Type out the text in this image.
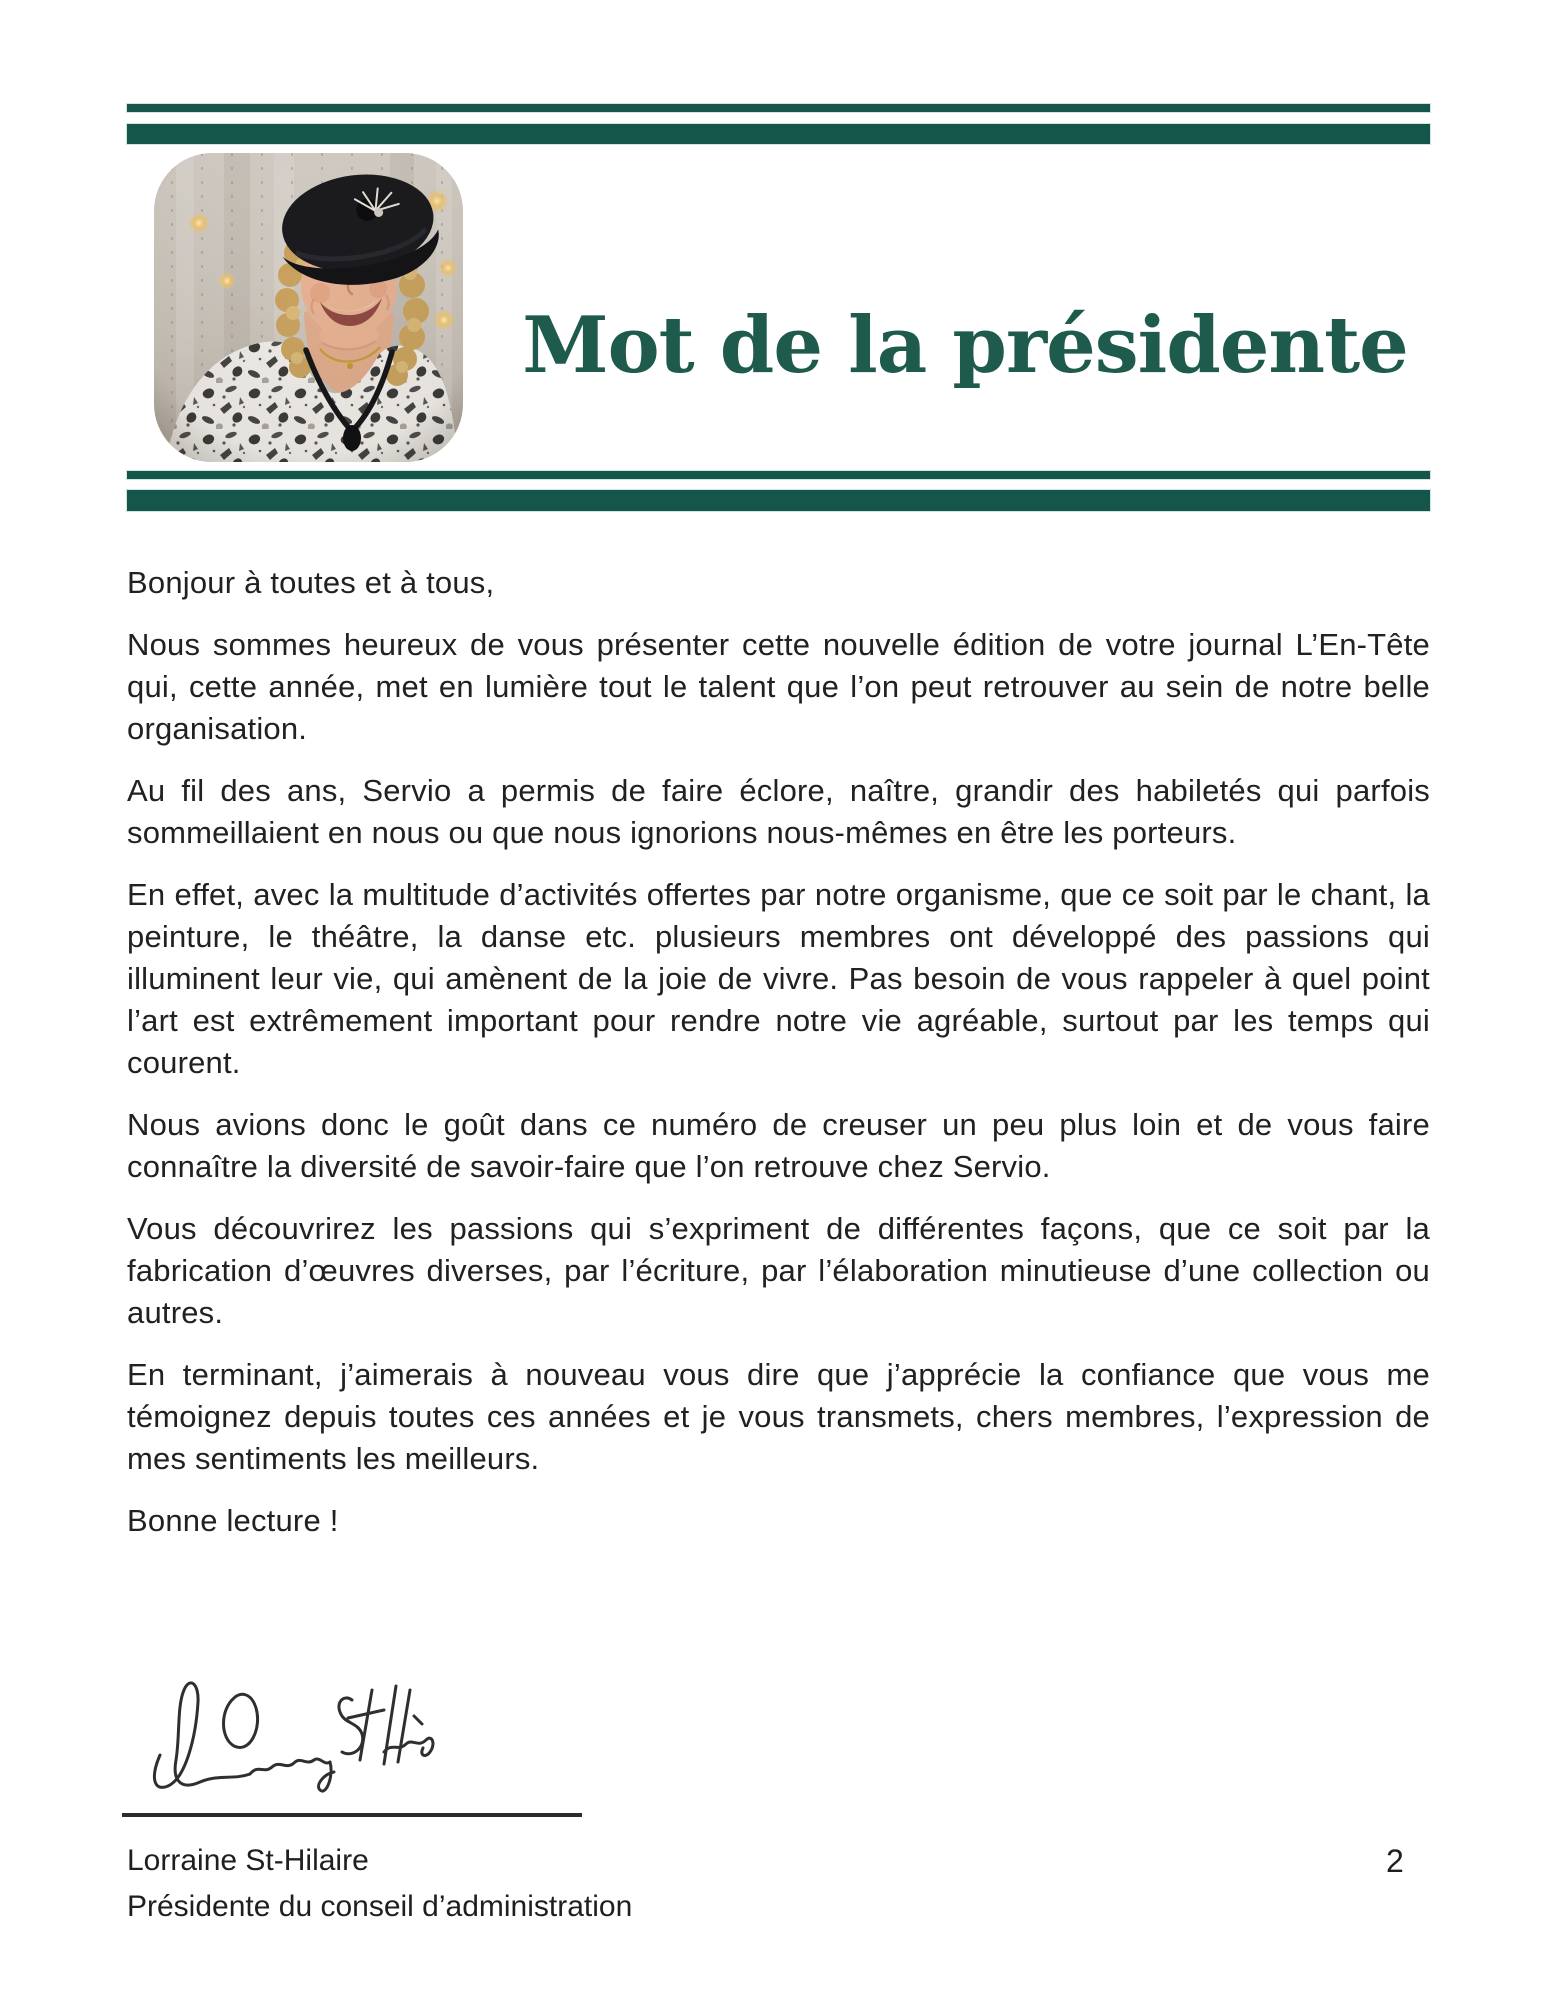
Mot de la présidente

Bonjour à toutes et à tous,

Nous sommes heureux de vous présenter cette nouvelle édition de votre journal L’En-Tête qui, cette année, met en lumière tout le talent que l’on peut retrouver au sein de notre belle organisation.

Au fil des ans, Servio a permis de faire éclore, naître, grandir des habiletés qui parfois sommeillaient en nous ou que nous ignorions nous-mêmes en être les porteurs.

En effet, avec la multitude d’activités offertes par notre organisme, que ce soit par le chant, la peinture, le théâtre, la danse etc. plusieurs membres ont développé des passions qui illuminent leur vie, qui amènent de la joie de vivre. Pas besoin de vous rappeler à quel point l’art est extrêmement important pour rendre notre vie agréable, surtout par les temps qui courent.

Nous avions donc le goût dans ce numéro de creuser un peu plus loin et de vous faire connaître la diversité de savoir-faire que l’on retrouve chez Servio.

Vous découvrirez les passions qui s’expriment de différentes façons, que ce soit par la fabrication d’œuvres diverses, par l’écriture, par l’élaboration minutieuse d’une collection ou autres.

En terminant, j’aimerais à nouveau vous dire que j’apprécie la confiance que vous me témoignez depuis toutes ces années et je vous transmets, chers membres, l’expression de mes sentiments les meilleurs.

Bonne lecture !

Lorraine St-Hilaire
Présidente du conseil d’administration
2
